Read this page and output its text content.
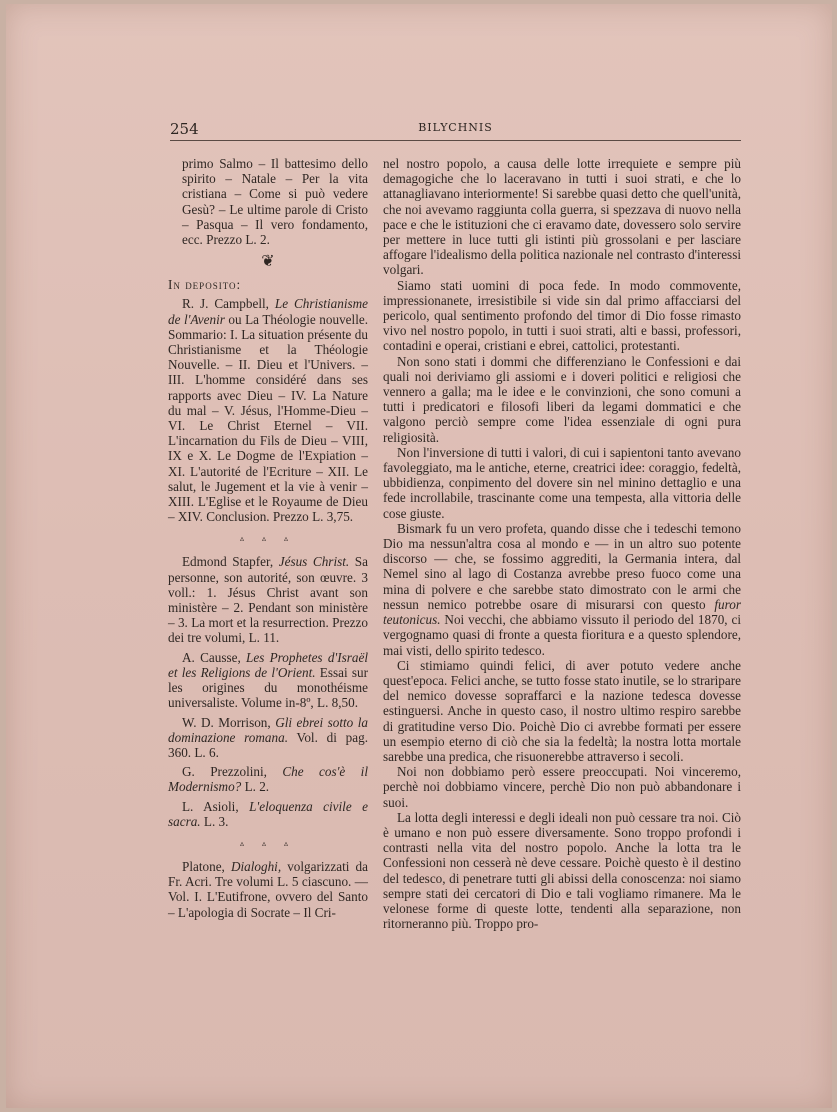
254	BILYCHNIS

primo Salmo – Il battesimo dello spirito – Natale – Per la vita cristiana – Come si può vedere Gesù? – Le ultime parole di Cristo – Pasqua – Il vero fondamento, ecc. Prezzo L. 2.

❦
In deposito:

R. J. Campbell, Le Christianisme de l'Avenir ou La Théologie nouvelle. Sommario: I. La situation présente du Christianisme et la Théologie Nouvelle. – II. Dieu et l'Univers. – III. L'homme considéré dans ses rapports avec Dieu – IV. La Nature du mal – V. Jésus, l'Homme-Dieu – VI. Le Christ Eternel – VII. L'incarnation du Fils de Dieu – VIII, IX e X. Le Dogme de l'Expiation – XI. L'autorité de l'Ecriture – XII. Le salut, le Jugement et la vie à venir – XIII. L'Eglise et le Royaume de Dieu – XIV. Conclusion. Prezzo L. 3,75.

▵ ▵ ▵

Edmond Stapfer, Jésus Christ. Sa personne, son autorité, son œuvre. 3 voll.: 1. Jésus Christ avant son ministère – 2. Pendant son ministère – 3. La mort et la resurrection. Prezzo dei tre volumi, L. 11.

A. Causse, Les Prophetes d'Israël et les Religions de l'Orient. Essai sur les origines du monothéisme universaliste. Volume in-8º, L. 8,50.

W. D. Morrison, Gli ebrei sotto la dominazione romana. Vol. di pag. 360. L. 6.

G. Prezzolini, Che cos'è il Modernismo? L. 2.

L. Asioli, L'eloquenza civile e sacra. L. 3.

▵ ▵ ▵

Platone, Dialoghi, volgarizzati da Fr. Acri. Tre volumi L. 5 ciascuno. — Vol. I. L'Eutifrone, ovvero del Santo – L'apologia di Socrate – Il Cri-

nel nostro popolo, a causa delle lotte irrequiete e sempre più demagogiche che lo laceravano in tutti i suoi strati, e che lo attanagliavano interiormente! Si sarebbe quasi detto che quell'unità, che noi avevamo raggiunta colla guerra, si spezzava di nuovo nella pace e che le istituzioni che ci eravamo date, dovessero solo servire per mettere in luce tutti gli istinti più grossolani e per lasciare affogare l'idealismo della politica nazionale nel contrasto d'interessi volgari.

Siamo stati uomini di poca fede. In modo commovente, impressionanete, irresistibile si vide sin dal primo affacciarsi del pericolo, qual sentimento profondo del timor di Dio fosse rimasto vivo nel nostro popolo, in tutti i suoi strati, alti e bassi, professori, contadini e operai, cristiani e ebrei, cattolici, protestanti.

Non sono stati i dommi che differenziano le Confessioni e dai quali noi deriviamo gli assiomi e i doveri politici e religiosi che vennero a galla; ma le idee e le convinzioni, che sono comuni a tutti i predicatori e filosofi liberi da legami dommatici e che valgono perciò sempre come l'idea essenziale di ogni pura religiosità.

Non l'inversione di tutti i valori, di cui i sapientoni tanto avevano favoleggiato, ma le antiche, eterne, creatrici idee: coraggio, fedeltà, ubbidienza, conpimento del dovere sin nel minino dettaglio e una fede incrollabile, trascinante come una tempesta, alla vittoria delle cose giuste.

Bismark fu un vero profeta, quando disse che i tedeschi temono Dio ma nessun'altra cosa al mondo e — in un altro suo potente discorso — che, se fossimo aggrediti, la Germania intera, dal Nemel sino al lago di Costanza avrebbe preso fuoco come una mina di polvere e che sarebbe stato dimostrato con le armi che nessun nemico potrebbe osare di misurarsi con questo furor teutonicus. Noi vecchi, che abbiamo vissuto il periodo del 1870, ci vergognamo quasi di fronte a questa fioritura e a questo splendore, mai visti, dello spirito tedesco.

Ci stimiamo quindi felici, di aver potuto vedere anche quest'epoca. Felici anche, se tutto fosse stato inutile, se lo straripare del nemico dovesse sopraffarci e la nazione tedesca dovesse estinguersi. Anche in questo caso, il nostro ultimo respiro sarebbe di gratitudine verso Dio. Poichè Dio ci avrebbe formati per essere un esempio eterno di ciò che sia la fedeltà; la nostra lotta mortale sarebbe una predica, che risuonerebbe attraverso i secoli.

Noi non dobbiamo però essere preoccupati. Noi vinceremo, perchè noi dobbiamo vincere, perchè Dio non può abbandonare i suoi.

La lotta degli interessi e degli ideali non può cessare tra noi. Ciò è umano e non può essere diversamente. Sono troppo profondi i contrasti nella vita del nostro popolo. Anche la lotta tra le Confessioni non cesserà nè deve cessare. Poichè questo è il destino del tedesco, di penetrare tutti gli abissi della conoscenza: noi siamo sempre stati dei cercatori di Dio e tali vogliamo rimanere. Ma le velonese forme di queste lotte, tendenti alla separazione, non ritorneranno più. Troppo pro-
